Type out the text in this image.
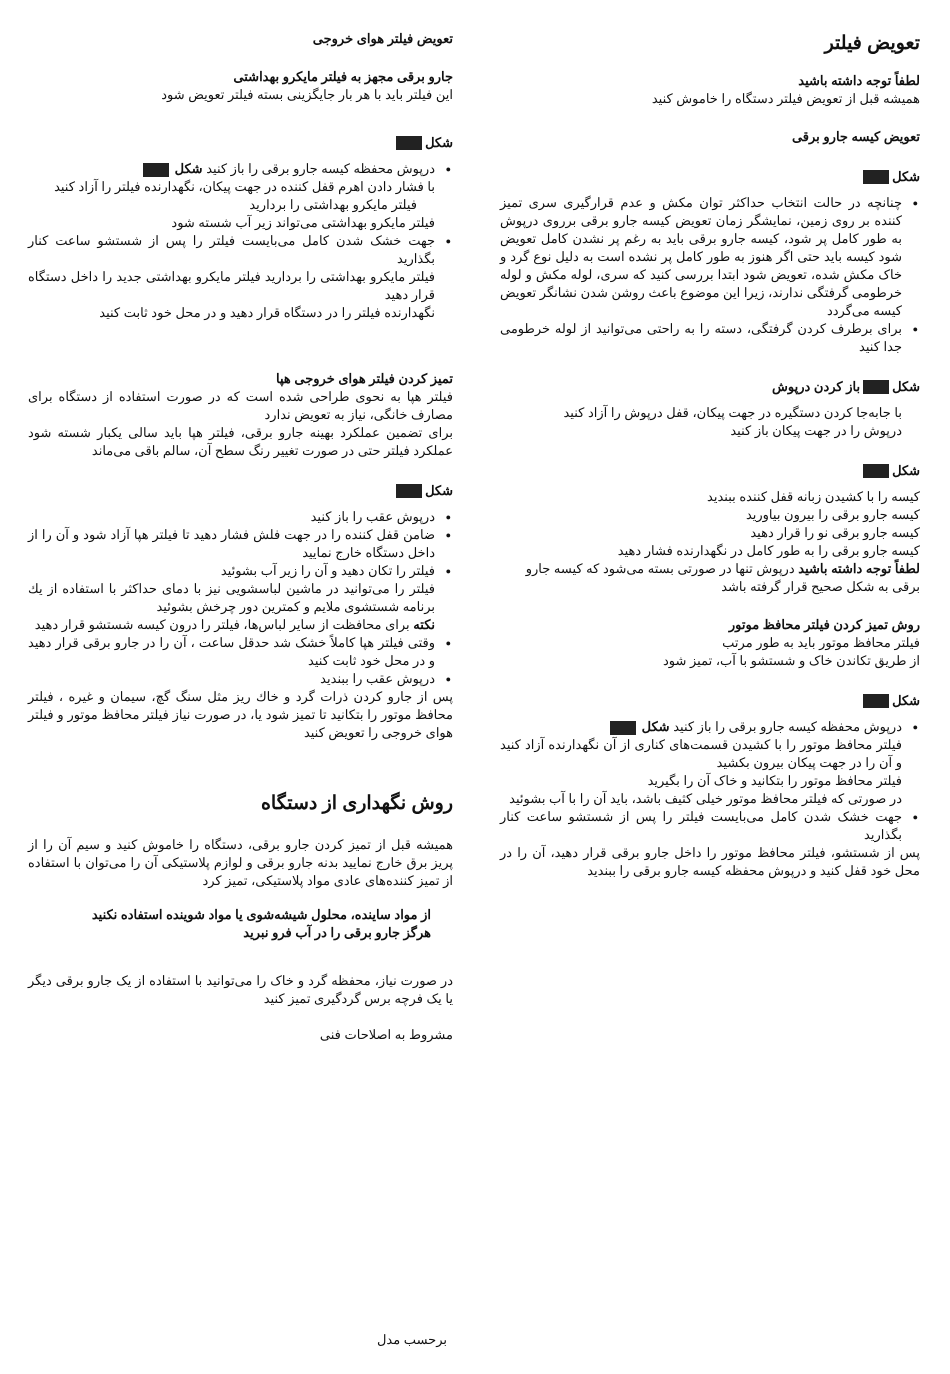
تعویض فیلتر

لطفاً توجه داشته باشید

همیشه قبل از تعویض فیلتر دستگاه را خاموش کنید

تعویض کیسه جارو برقی

شکل
● چنانچه در حالت انتخاب حداکثر توان مکش و عدم قرارگیری سری تمیز کننده بر روی زمین، نمایشگر زمان تعویض کیسه جارو برقی برروی درپوش به طور کامل پر شود، کیسه جارو برقی باید به رغم پر نشدن کامل تعویض شود کیسه باید حتی اگر هنوز به طور کامل پر نشده است به دلیل نوع گرد و خاک مکش شده، تعویض شود ابتدا بررسی کنید که سری، لوله مکش و لوله خرطومی گرفتگی ندارند، زیرا این موضوع باعث روشن شدن نشانگر تعویض کیسه می‌گردد
● برای برطرف کردن گرفتگی، دسته را به راحتی می‌توانید از لوله خرطومی جدا کنید
شکل
باز کردن درپوش

با جابه‌جا کردن دستگیره در جهت پیکان، قفل درپوش را آزاد کنید

درپوش را در جهت پیکان باز کنید

شکل

کیسه را با کشیدن زبانه قفل کننده ببندید

کیسه جارو برقی را بیرون بیاورید

کیسه جارو برقی نو را قرار دهید

کیسه جارو برقی را به طور کامل در نگهدارنده فشار دهید

لطفاً توجه داشته باشید درپوش تنها در صورتی بسته می‌شود که کیسه جارو برقی به شکل صحیح قرار گرفته باشد

روش تمیز کردن فیلتر محافظ موتور

فیلتر محافظ موتور باید به طور مرتب

از طریق تکاندن خاک و شستشو با آب، تمیز شود

شکل
● درپوش محفظه کیسه جارو برقی را باز کنید شکل
فیلتر محافظ موتور را با کشیدن قسمت‌های کناری از آن نگهدارنده آزاد کنید و آن را در جهت پیکان بیرون بکشید
فیلتر محافظ موتور را بتکانید و خاک آن را بگیرید
در صورتی که فیلتر محافظ موتور خیلی کثیف باشد، باید آن را با آب بشوئید
● جهت خشک شدن کامل می‌بایست فیلتر را پس از شستشو ساعت کنار بگذارید

پس از شستشو، فیلتر محافظ موتور را داخل جارو برقی قرار دهید، آن را در محل خود قفل کنید و درپوش محفظه کیسه جارو برقی را ببندید

تعویض فیلتر هوای خروجی

جارو برقی مجهز به فیلتر مایکرو بهداشتی

این فیلتر باید با هر بار جایگزینی بسته فیلتر تعویض شود

شکل
● درپوش محفظه کیسه جارو برقی را باز کنید شکل
با فشار دادن اهرم قفل کننده در جهت پیکان، نگهدارنده فیلتر را آزاد کنید
فیلتر مایکرو بهداشتی را بردارید
فیلتر مایکرو بهداشتی می‌تواند زیر آب شسته شود
● جهت خشک شدن کامل می‌بایست فیلتر را پس از شستشو ساعت کنار بگذارید
فیلتر مایکرو بهداشتی را بردارید فیلتر مایکرو بهداشتی جدید را داخل دستگاه قرار دهید
نگهدارنده فیلتر را در دستگاه قرار دهید و در محل خود ثابت کنید

تمیز کردن فیلتر هوای خروجی هپا

فیلتر هپا به نحوی طراحی شده است که در صورت استفاده از دستگاه برای مصارف خانگی، نیاز به تعویض ندارد

برای تضمین عملکرد بهینه جارو برقی، فیلتر هپا باید سالی یکبار شسته شود عملکرد فیلتر حتی در صورت تغییر رنگ سطح آن، سالم باقی می‌ماند

شکل
● درپوش عقب را باز کنید
● ضامن قفل کننده را در جهت فلش فشار دهید تا فیلتر هپا آزاد شود و آن را از داخل دستگاه خارج نمایید
● فیلتر را تکان دهید و آن را زیر آب بشوئید
فیلتر را می‌توانید در ماشین لباسشویی نیز با دمای حداکثر با استفاده از یك برنامه شستشوی ملایم و کمترین دور چرخش بشوئید
نکته برای محافظت از سایر لباس‌ها، فیلتر را درون کیسه شستشو قرار دهید
● وقتی فیلتر هپا کاملاً خشک شد حدقل ساعت ، آن را در جارو برقی قرار دهید و در محل خود ثابت کنید
● درپوش عقب را ببندید

پس از جارو کردن ذرات گرد و خاك ریز مثل سنگ گچ، سیمان و غیره ، فیلتر محافظ موتور را بتکانید تا تمیز شود یا، در صورت نیاز فیلتر محافظ موتور و فیلتر هوای خروجی را تعویض کنید

روش نگهداری از دستگاه

همیشه قبل از تمیز کردن جارو برقی، دستگاه را خاموش کنید و سیم آن را از پریز برق خارج نمایید بدنه جارو برقی و لوازم پلاستیکی آن را می‌توان با استفاده از تمیز کننده‌های عادی مواد پلاستیکی، تمیز کرد

از مواد ساینده، محلول شیشه‌شوی یا مواد شوینده استفاده نکنید

هرگز جارو برقی را در آب فرو نبرید

در صورت نیاز، محفظه گرد و خاک را می‌توانید با استفاده از یک جارو برقی دیگر یا یک فرچه برس گردگیری تمیز کنید

مشروط به اصلاحات فنی

برحسب مدل
